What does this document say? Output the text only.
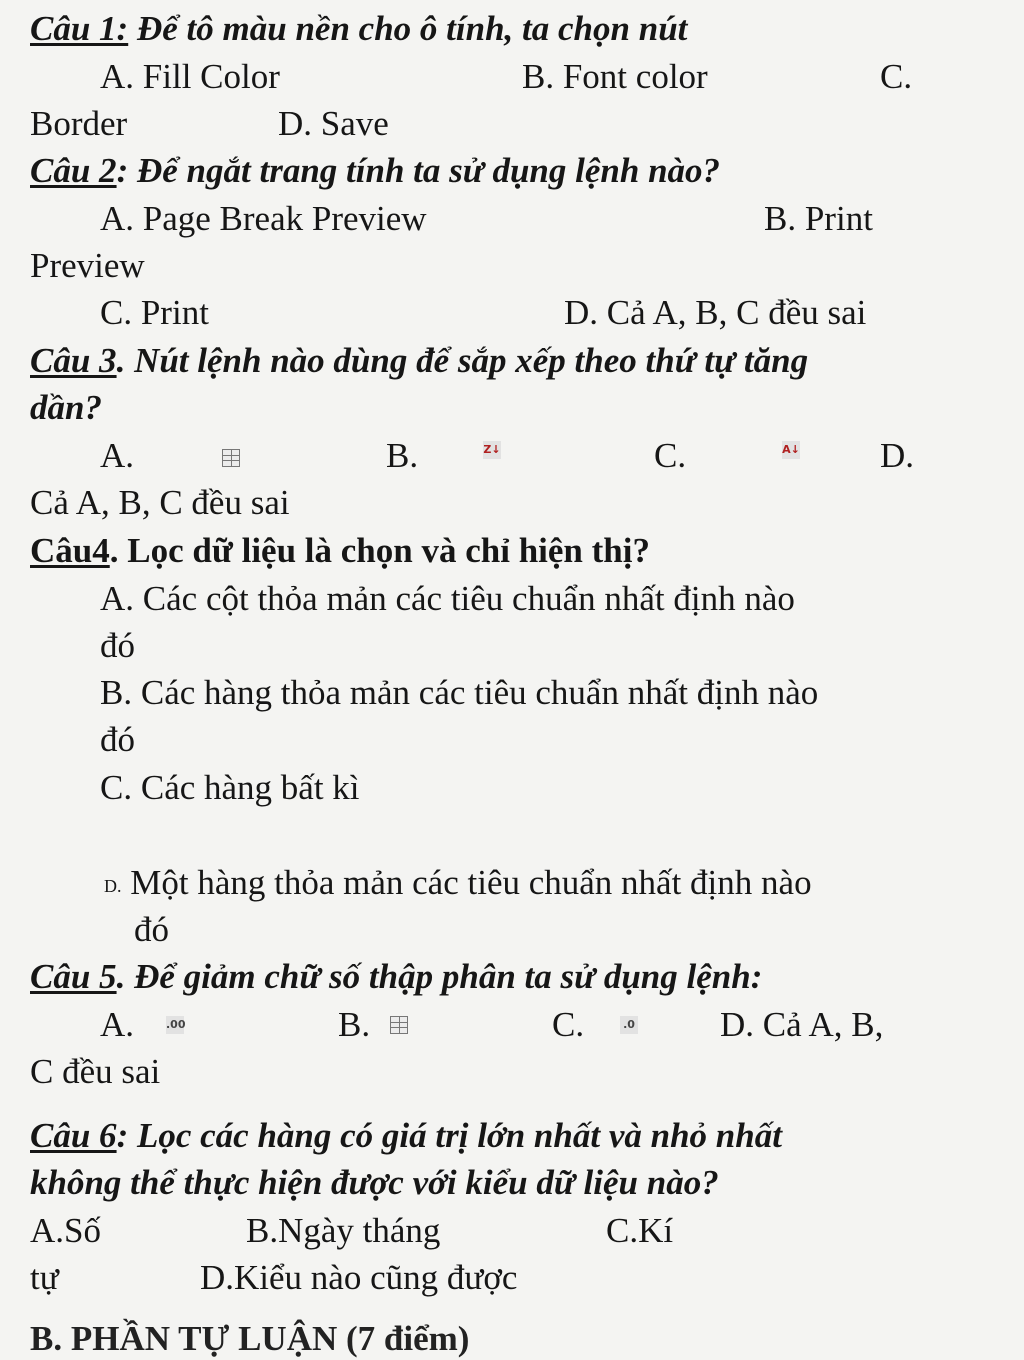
Câu 1: Để tô màu nền cho ô tính, ta chọn nút
A. Fill Color	B. Font color	C.
Border	D. Save
Câu 2: Để ngắt trang tính ta sử dụng lệnh nào?
A. Page Break Preview	B. Print
Preview
C. Print	D. Cả A, B, C đều sai
Câu 3. Nút lệnh nào dùng để sắp xếp theo thứ tự tăng
dần?
A.	B.	Z↓	C.	A↓ D.
Cả A, B, C đều sai
Câu4. Lọc dữ liệu là chọn và chỉ hiện thị?
A. Các cột thỏa mản các tiêu chuẩn nhất định nào
đó
B. Các hàng thỏa mản các tiêu chuẩn nhất định nào
đó
C. Các hàng bất kì
D. Một hàng thỏa mản các tiêu chuẩn nhất định nào
đó
Câu 5. Để giảm chữ số thập phân ta sử dụng lệnh:
A.	.00	B.	C.	.0 D. Cả A, B,
C đều sai
Câu 6: Lọc các hàng có giá trị lớn nhất và nhỏ nhất
không thể thực hiện được với kiểu dữ liệu nào?
A.Số	B.Ngày tháng	C.Kí
tự	D.Kiểu nào cũng được
B. PHẦN TỰ LUẬN (7 điểm)
